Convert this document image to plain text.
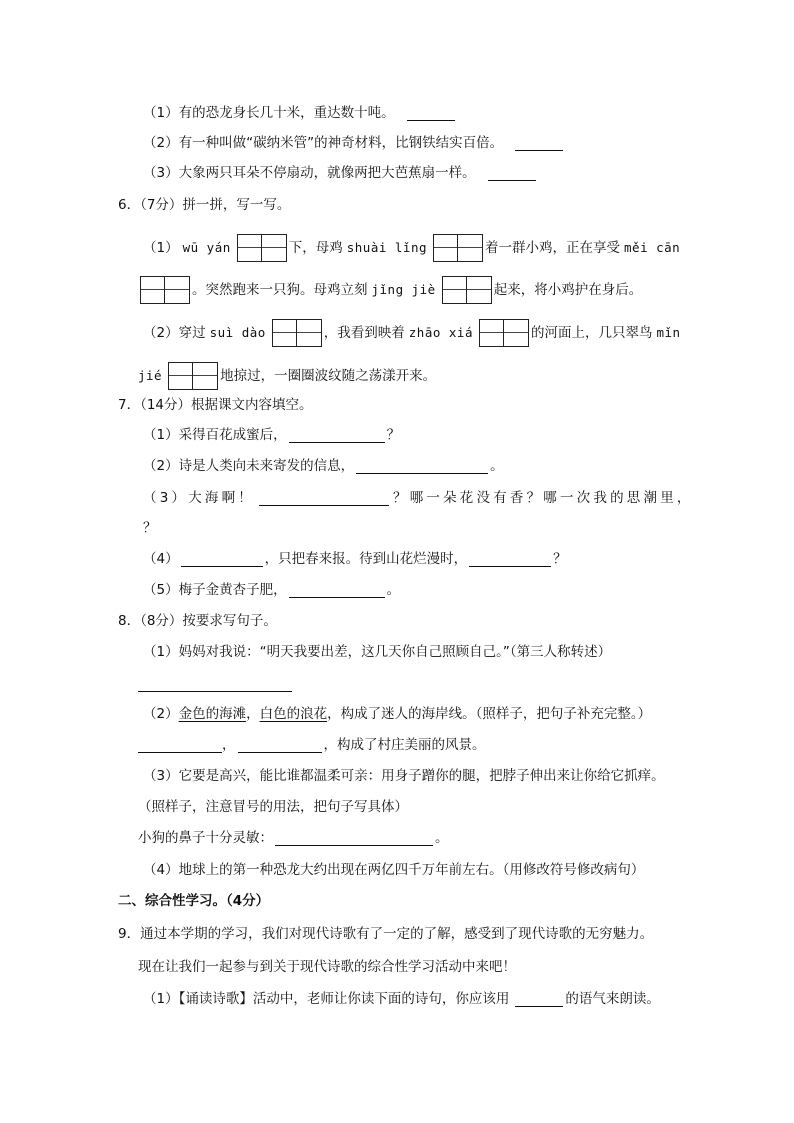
（1）有的恐龙身长几十米，重达数十吨。
（2）有一种叫做“碳纳米管”的神奇材料，比钢铁结实百倍。
（3）大象两只耳朵不停扇动，就像两把大芭蕉扇一样。
6．（7分）拼一拼，写一写。
（1） wū yán	下，母鸡 shuài lǐng	着一群小鸡，正在享受 měi cān
。突然跑来一只狗。母鸡立刻 jǐng jiè	起来，将小鸡护在身后。
（2）穿过 suì dào	，我看到映着 zhāo xiá	的河面上，几只翠鸟 mǐn
jié	地掠过，一圈圈波纹随之荡漾开来。
7．（14分）根据课文内容填空。
（1）采得百花成蜜后，	？
（2）诗是人类向未来寄发的信息，	。
（3）大海啊！	？哪一朵花没有香？哪一次我的思潮里，
？
（4）	，只把春来报。待到山花烂漫时，	？
（5）梅子金黄杏子肥，	。
8．（8分）按要求写句子。
（1）妈妈对我说：“明天我要出差，这几天你自己照顾自己。”（第三人称转述）
（2） 金色的海滩 ， 白色的浪花 ，构成了迷人的海岸线。（照样子，把句子补充完整。）
，	，构成了村庄美丽的风景。
（3）它要是高兴，能比谁都温柔可亲：用身子蹭你的腿，把脖子伸出来让你给它抓痒。
（照样子，注意冒号的用法，把句子写具体）
小狗的鼻子十分灵敏：	。
（4）地球上的第一种恐龙大约出现在两亿四千万年前左右。（用修改符号修改病句）
二、综合性学习。（4分）
9．通过本学期的学习，我们对现代诗歌有了一定的了解，感受到了现代诗歌的无穷魅力。
现在让我们一起参与到关于现代诗歌的综合性学习活动中来吧！
（1）【诵读诗歌】活动中，老师让你读下面的诗句，你应该用	的语气来朗读。
